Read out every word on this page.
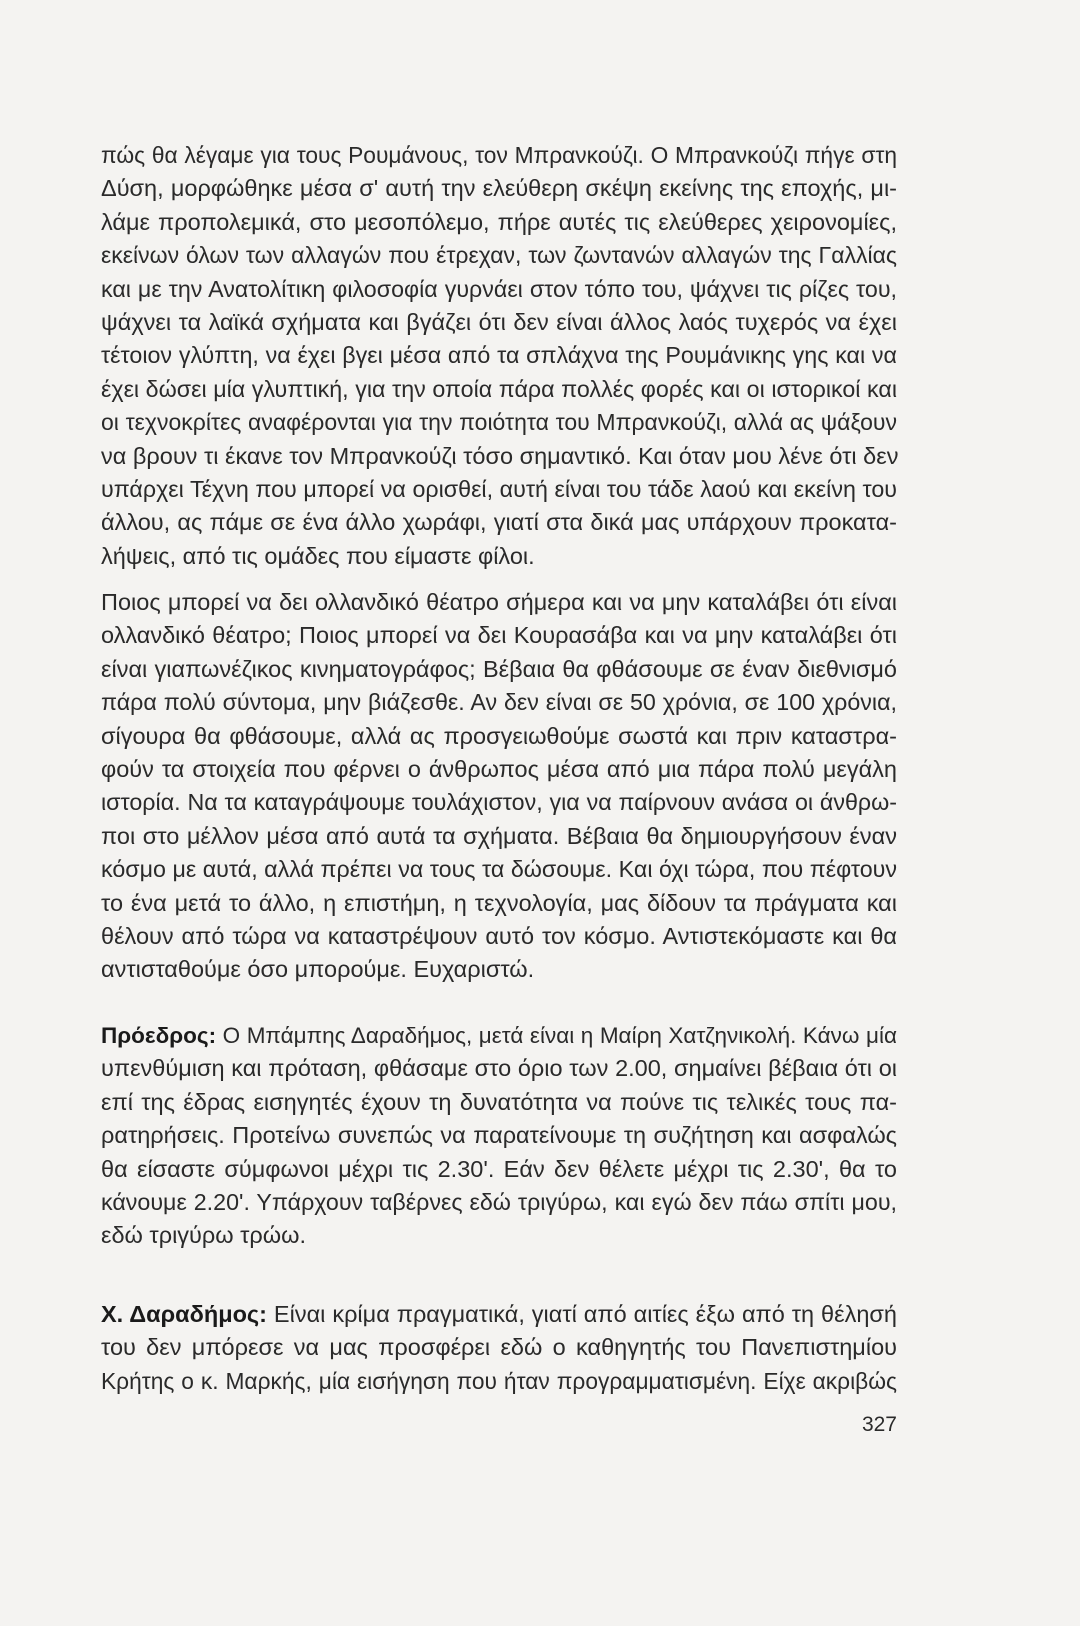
πώς θα λέγαμε για τους Ρουμάνους, τον Μπρανκούζι. Ο Μπρανκούζι πήγε στη
Δύση, μορφώθηκε μέσα σ' αυτή την ελεύθερη σκέψη εκείνης της εποχής, μι-
λάμε προπολεμικά, στο μεσοπόλεμο, πήρε αυτές τις ελεύθερες χειρονομίες,
εκείνων όλων των αλλαγών που έτρεχαν, των ζωντανών αλλαγών της Γαλλίας
και με την Ανατολίτικη φιλοσοφία γυρνάει στον τόπο του, ψάχνει τις ρίζες του,
ψάχνει τα λαϊκά σχήματα και βγάζει ότι δεν είναι άλλος λαός τυχερός να έχει
τέτοιον γλύπτη, να έχει βγει μέσα από τα σπλάχνα της Ρουμάνικης γης και να
έχει δώσει μία γλυπτική, για την οποία πάρα πολλές φορές και οι ιστορικοί και
οι τεχνοκρίτες αναφέρονται για την ποιότητα του Μπρανκούζι, αλλά ας ψάξουν
να βρουν τι έκανε τον Μπρανκούζι τόσο σημαντικό. Και όταν μου λένε ότι δεν
υπάρχει Τέχνη που μπορεί να ορισθεί, αυτή είναι του τάδε λαού και εκείνη του
άλλου, ας πάμε σε ένα άλλο χωράφι, γιατί στα δικά μας υπάρχουν προκατα-
λήψεις, από τις ομάδες που είμαστε φίλοι.
Ποιος μπορεί να δει ολλανδικό θέατρο σήμερα και να μην καταλάβει ότι είναι
ολλανδικό θέατρο; Ποιος μπορεί να δει Κουρασάβα και να μην καταλάβει ότι
είναι γιαπωνέζικος κινηματογράφος; Βέβαια θα φθάσουμε σε έναν διεθνισμό
πάρα πολύ σύντομα, μην βιάζεσθε. Αν δεν είναι σε 50 χρόνια, σε 100 χρόνια,
σίγουρα θα φθάσουμε, αλλά ας προσγειωθούμε σωστά και πριν καταστρα-
φούν τα στοιχεία που φέρνει ο άνθρωπος μέσα από μια πάρα πολύ μεγάλη
ιστορία. Να τα καταγράψουμε τουλάχιστον, για να παίρνουν ανάσα οι άνθρω-
ποι στο μέλλον μέσα από αυτά τα σχήματα. Βέβαια θα δημιουργήσουν έναν
κόσμο με αυτά, αλλά πρέπει να τους τα δώσουμε. Και όχι τώρα, που πέφτουν
το ένα μετά το άλλο, η επιστήμη, η τεχνολογία, μας δίδουν τα πράγματα και
θέλουν από τώρα να καταστρέψουν αυτό τον κόσμο. Αντιστεκόμαστε και θα
αντισταθούμε όσο μπορούμε. Ευχαριστώ.
Πρόεδρος: Ο Μπάμπης Δαραδήμος, μετά είναι η Μαίρη Χατζηνικολή. Κάνω μία
υπενθύμιση και πρόταση, φθάσαμε στο όριο των 2.00, σημαίνει βέβαια ότι οι
επί της έδρας εισηγητές έχουν τη δυνατότητα να πούνε τις τελικές τους πα-
ρατηρήσεις. Προτείνω συνεπώς να παρατείνουμε τη συζήτηση και ασφαλώς
θα είσαστε σύμφωνοι μέχρι τις 2.30'. Εάν δεν θέλετε μέχρι τις 2.30', θα το
κάνουμε 2.20'. Υπάρχουν ταβέρνες εδώ τριγύρω, και εγώ δεν πάω σπίτι μου,
εδώ τριγύρω τρώω.
Χ. Δαραδήμος: Είναι κρίμα πραγματικά, γιατί από αιτίες έξω από τη θέλησή
του δεν μπόρεσε να μας προσφέρει εδώ ο καθηγητής του Πανεπιστημίου
Κρήτης ο κ. Μαρκής, μία εισήγηση που ήταν προγραμματισμένη. Είχε ακριβώς

327
